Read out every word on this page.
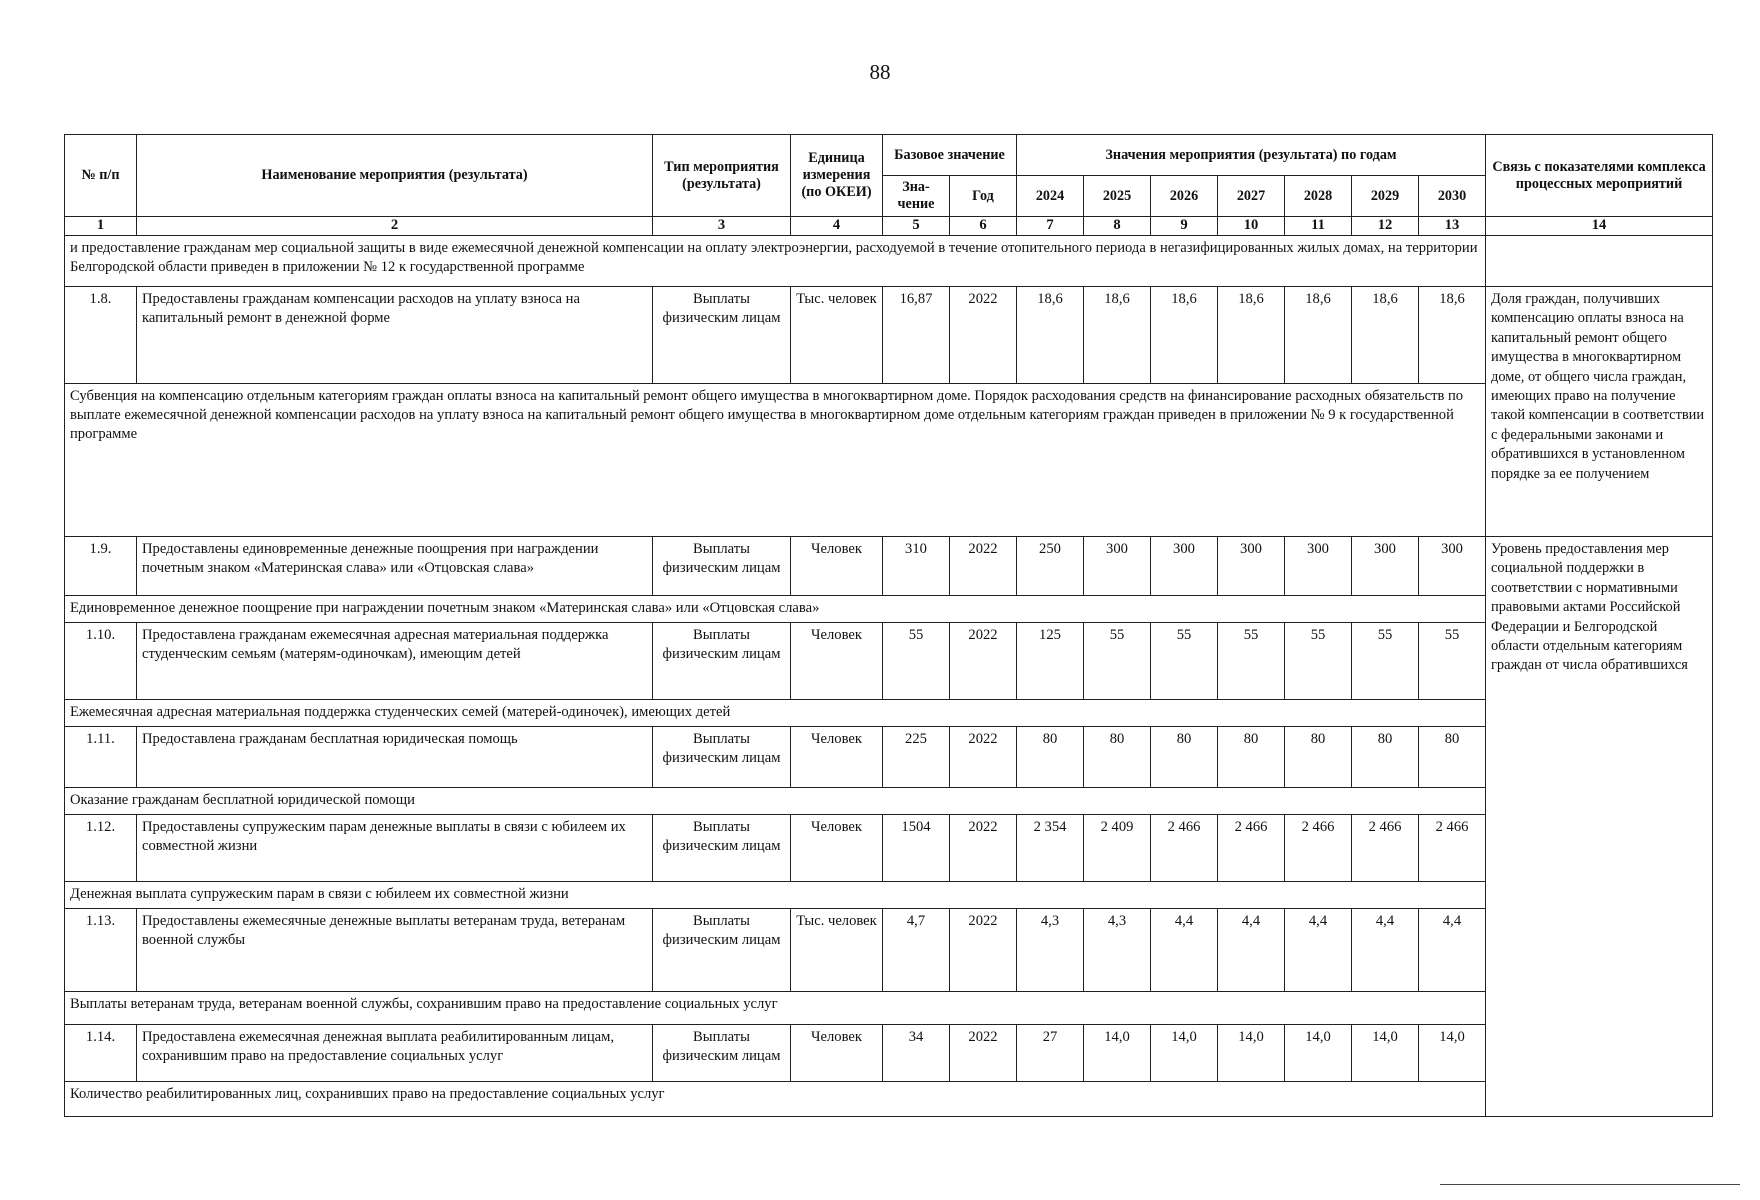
88
№ п/п	Наименование мероприятия (результата)	Тип мероприятия (результата)	Единица измерения (по ОКЕИ)	Базовое значение		Значения мероприятия (результата) по годам							Связь с показателями комплекса процессных мероприятий
				Зна-чение	Год	2024	2025	2026	2027	2028	2029	2030	
1	2	3	4	5	6	7	8	9	10	11	12	13	14
и предоставление гражданам мер социальной защиты в виде ежемесячной денежной компенсации на оплату электроэнергии, расходуемой в течение отопительного периода в негазифицированных жилых домах, на территории Белгородской области приведен в приложении № 12 к государственной программе													
1.8.	Предоставлены гражданам компенсации расходов на уплату взноса на капитальный ремонт в денежной форме	Выплаты физическим лицам	Тыс. человек	16,87	2022	18,6	18,6	18,6	18,6	18,6	18,6	18,6	Доля граждан, получивших компенсацию оплаты взноса на капитальный ремонт общего имущества в многоквартирном доме, от общего числа граждан, имеющих право на получение такой компенсации в соответствии с федеральными законами и обратившихся в установленном порядке за ее получением
Субвенция на компенсацию отдельным категориям граждан оплаты взноса на капитальный ремонт общего имущества в многоквартирном доме. Порядок расходования средств на финансирование расходных обязательств по выплате ежемесячной денежной компенсации расходов на уплату взноса на капитальный ремонт общего имущества в многоквартирном доме отдельным категориям граждан приведен в приложении № 9 к государственной программе													
1.9.	Предоставлены единовременные денежные поощрения при награждении почетным знаком «Материнская слава» или «Отцовская слава»	Выплаты физическим лицам	Человек	310	2022	250	300	300	300	300	300	300	Уровень предоставления мер социальной поддержки в соответствии с нормативными правовыми актами Российской Федерации и Белгородской области отдельным категориям граждан от числа обратившихся
Единовременное денежное поощрение при награждении почетным знаком «Материнская слава» или «Отцовская слава»													
1.10.	Предоставлена гражданам ежемесячная адресная материальная поддержка студенческим семьям (матерям-одиночкам), имеющим детей	Выплаты физическим лицам	Человек	55	2022	125	55	55	55	55	55	55	
Ежемесячная адресная материальная поддержка студенческих семей (матерей-одиночек), имеющих детей													
1.11.	Предоставлена гражданам бесплатная юридическая помощь	Выплаты физическим лицам	Человек	225	2022	80	80	80	80	80	80	80	
Оказание гражданам бесплатной юридической помощи													
1.12.	Предоставлены супружеским парам денежные выплаты в связи с юбилеем их совместной жизни	Выплаты физическим лицам	Человек	1504	2022	2 354	2 409	2 466	2 466	2 466	2 466	2 466	
Денежная выплата супружеским парам в связи с юбилеем их совместной жизни													
1.13.	Предоставлены ежемесячные денежные выплаты ветеранам труда, ветеранам военной службы	Выплаты физическим лицам	Тыс. человек	4,7	2022	4,3	4,3	4,4	4,4	4,4	4,4	4,4	
Выплаты ветеранам труда, ветеранам военной службы, сохранившим право на предоставление социальных услуг													
1.14.	Предоставлена ежемесячная денежная выплата реабилитированным лицам, сохранившим право на предоставление социальных услуг	Выплаты физическим лицам	Человек	34	2022	27	14,0	14,0	14,0	14,0	14,0	14,0	
Количество реабилитированных лиц, сохранивших право на предоставление социальных услуг													
